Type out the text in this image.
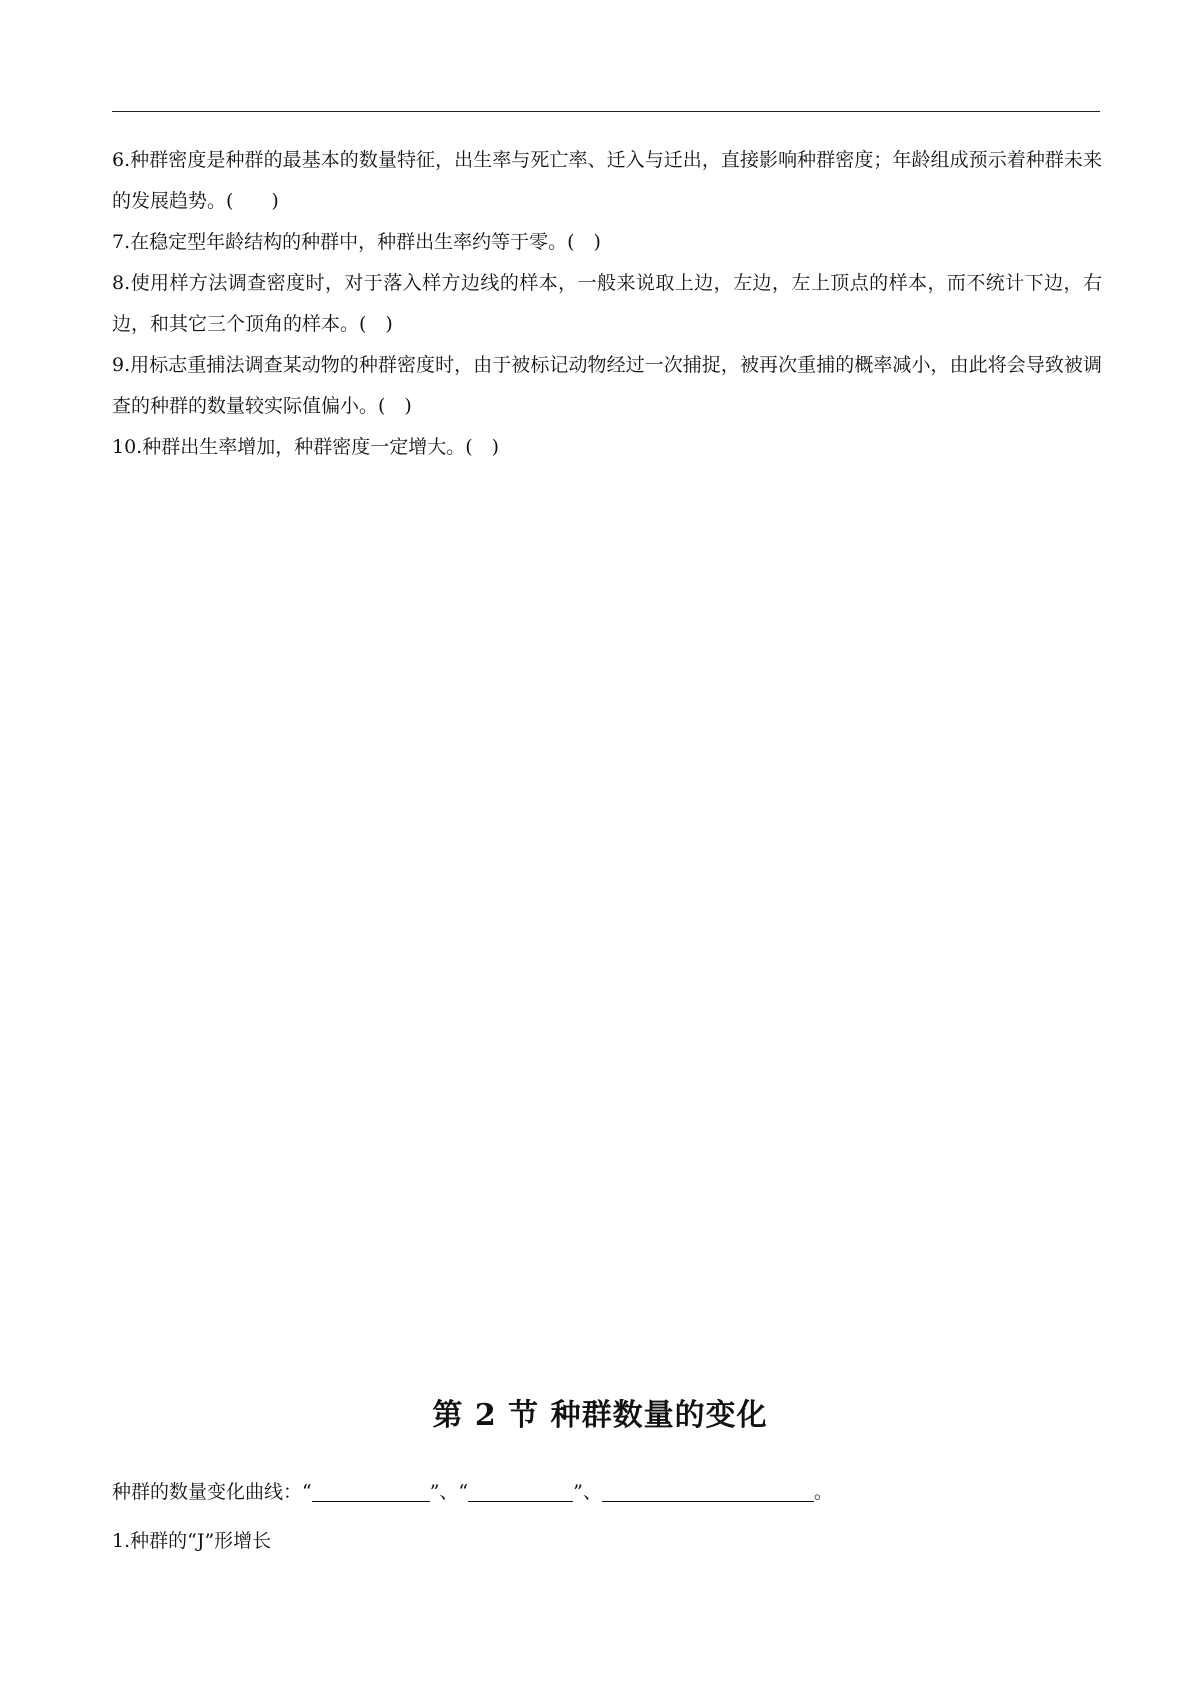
6.种群密度是种群的最基本的数量特征，出生率与死亡率、迁入与迁出，直接影响种群密度；年龄组成预示着种群未来的发展趋势。(　　)

7.在稳定型年龄结构的种群中，种群出生率约等于零。(　)

8.使用样方法调查密度时，对于落入样方边线的样本，一般来说取上边，左边，左上顶点的样本，而不统计下边，右边，和其它三个顶角的样本。(　)

9.用标志重捕法调查某动物的种群密度时，由于被标记动物经过一次捕捉，被再次重捕的概率减小，由此将会导致被调查的种群的数量较实际值偏小。(　)

10.种群出生率增加，种群密度一定增大。(　)

第 2 节 种群数量的变化
种群的数量变化曲线：“	”、“	”、	。
1.种群的“J”形增长
